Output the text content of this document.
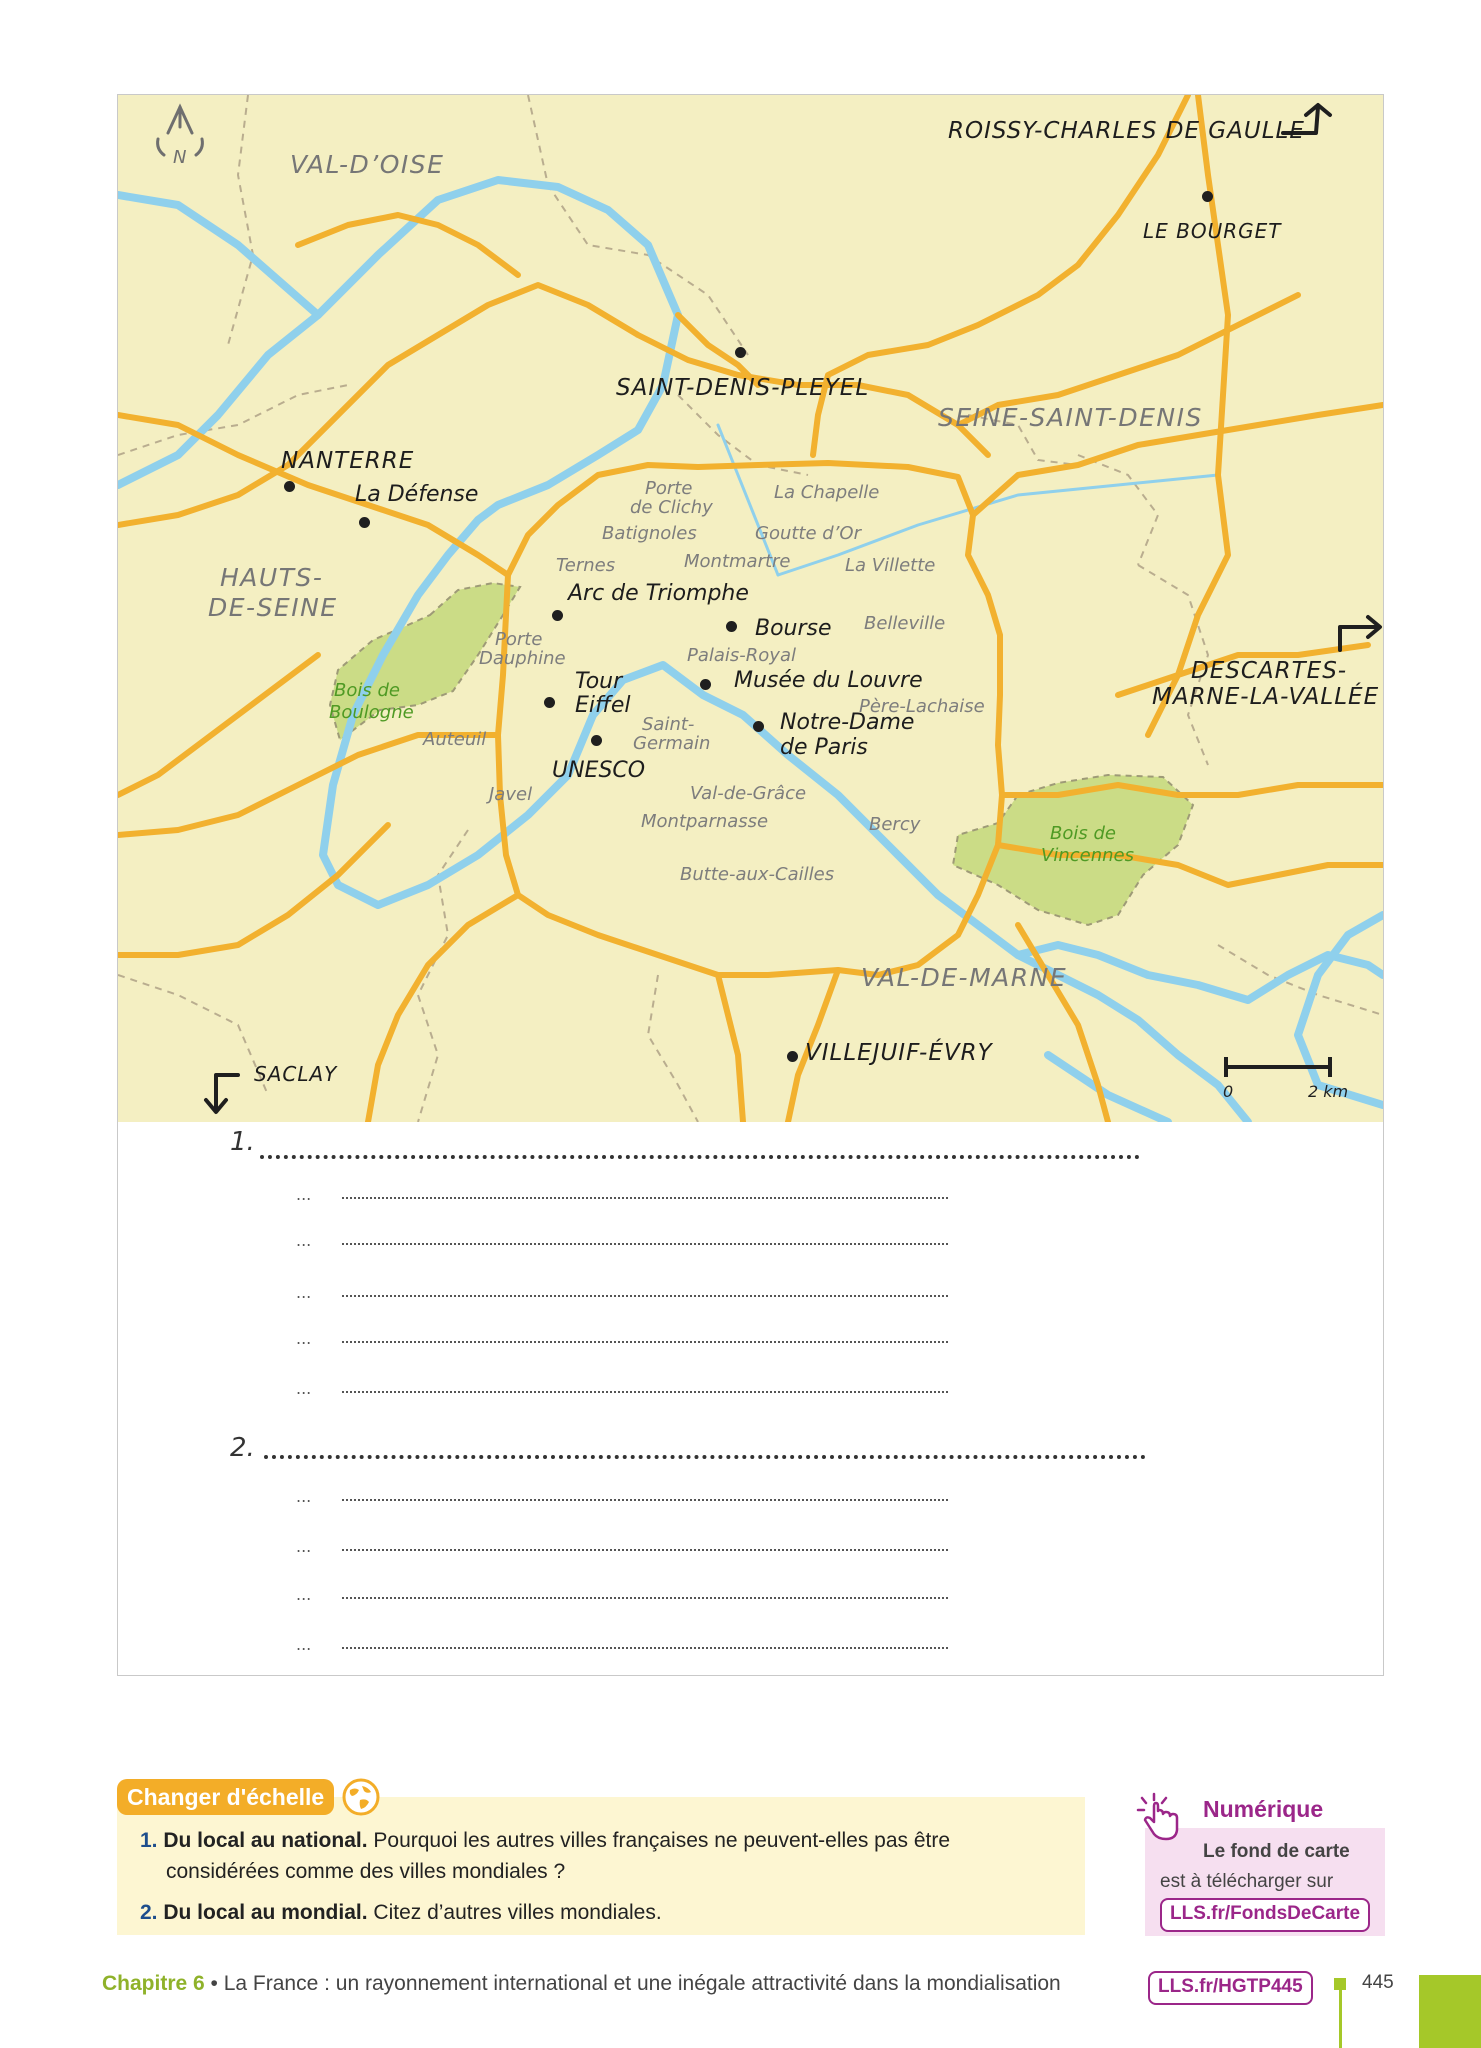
N	VAL-D’OISE
HAUTS-
DE-SEINE
SEINE-SAINT-DENIS
VAL-DE-MARNE
ROISSY-CHARLES DE GAULLE
LE BOURGET
SAINT-DENIS-PLEYEL
NANTERRE
La Défense
DESCARTES-
MARNE-LA-VALLÉE
VILLEJUIF-ÉVRY
SACLAY
Porte
de Clichy
La Chapelle
Batignoles	Goutte d’Or
Ternes	Montmartre	La Villette
Belleville
Porte
Dauphine	Palais-Royal
Père-Lachaise
Auteuil
Saint-
Germain
Javel	Val-de-Grâce
Montparnasse	Bercy
Butte-aux-Cailles
Arc de Triomphe
Bourse
Tour
Eiffel
Musée du Louvre
Notre-Dame
de Paris
UNESCO
Bois de
Boulogne
Bois de
Vincennes
0	2 km
1.
...
...
...
...
...
2.
...
...
...
...
Changer d'échelle
1. Du local au national. Pourquoi les autres villes françaises ne peuvent-elles pas être
considérées comme des villes mondiales ?
2. Du local au mondial. Citez d’autres villes mondiales.
Numérique
Le fond de carte
est à télécharger sur
LLS.fr/FondsDeCarte
Chapitre 6 • La France : un rayonnement international et une inégale attractivité dans la mondialisation	LLS.fr/HGTP445	445
